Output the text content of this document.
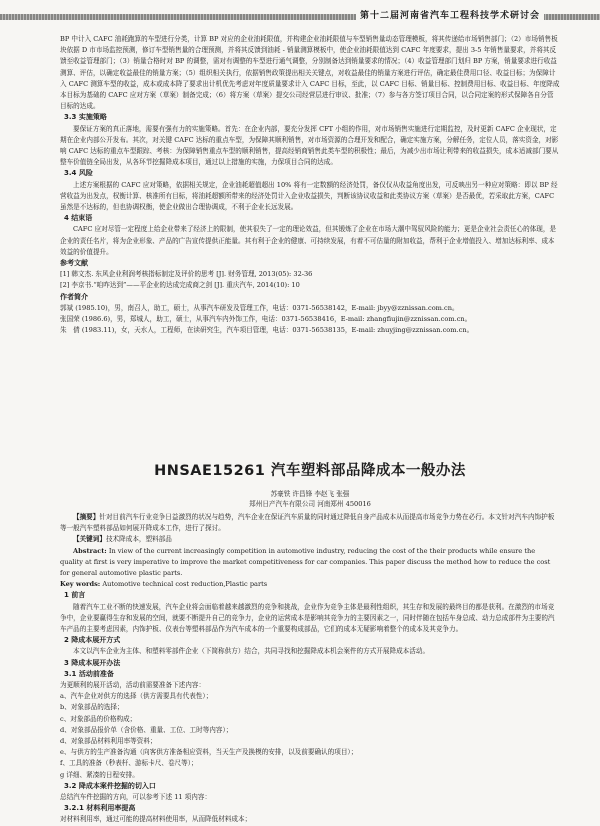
第十二届河南省汽车工程科技学术研讨会

BP 中计入 CAFC 油耗跑算的车型进行分类，计算 BP 对应的企业油耗限值，并构建企业油耗限值与车型销售量动态管理模板，将其传递给市场销售部门；（2）市场销售板块依据 D 市市场监控预测，修订车型销售量的合理预测，并将其反馈到油耗 - 销量测算模板中，使企业油耗限值达到 CAFC 年度要求，提出 3-5 年销售量要求，并将其反馈至收益管理部门；（3）销量合格时对 BP 的调整，需对有调整的车型进行通气调整，分别制备达到销量要求的情况；（4）收益管理部门划归 BP 方案，销量要求进行收益测算、评估，以确定收益最佳的销量方案；（5）组织相关执行，依据销售政策提出相关关键点，对收益最佳的销量方案进行评估，确定最佳费用口径、收益目标；为保障计入 CAFC 测算车型的收益，成本或成本降了要求出计机优先考虑对年度质量要求计入 CAFC 目标，至此，以 CAFC 目标、销量目标、控制费用目标、收益目标、年度降成本目标为基础的 CAFC 应对方案（草案）制备完成；（6）将方案（草案）提交公司经营层进行审议、批准；（7）参与各方签订项目合同，以合同定案的形式保障各自分管目标的达成。

3.3 实施策略

要保证方案的真正落地，需要有强有力的实施策略。首先：在企业内部，要充分发挥 CFT 小组的作用，对市场销售实施进行定期监控，及时更新 CAFC 企业现状，定期在企业内部公开发布。其次，对关键 CAFC 达标的重点车型，为保障其顺利销售，对市场资源的合理开发和配合，确定实施方案，分解任务，定位人员，落实资金，对影响 CAFC 达标的重点车型跟踪、考核：为保障销售重点车型的顺利销售，提高经销商销售此类车型的积极性；最后，为减少出市场让利带来的收益损失，成本适减部门要从整车价值链全局出发，从各环节挖掘降成本项目，通过以上措施的实施，力保项目合同的达成。

3.4 风险

上述方案根据的 CAFC 应对策略，依据相关规定，企业油耗超值超出 10% 将有一定数额的经济处罚，备仅仅从收益角度出发，可反映出另一种应对策略：即以 BP 经营收益为出发点，权衡计算、核准所有目标，将油耗超额所带来的经济处罚计入企业收益损失，判断该协议收益和此类协议方案（草案）是否最优，若采取此方案，CAFC 虽然是不达标的，但也协调权衡，使企业做出合理协调成，不利于企业长远发展。

4 结束语

CAFC 应对尽管一定程度上给企业带来了经济上的限制，使其很失了一定的理论效益，但其锻炼了企业在市场大潮中驾驭风险的能力；更是企业社会责任心的体现，是企业的责任名片，将为企业形象、产品的广告宣传提供正能量。其有利于企业的健康、可持续发展，有着不可估量的附加收益，帮利于企业增值投入、增加达标利率、成本效益的价值提升。

参考文献

[1] 韩文杰. 东风企业利润考核指标制定及评价的思考 [J]. 财务管理, 2013(05): 32-36

[2] 李京书.“咱咋达到”——平企业的达成完成商之剑 [J]. 重庆汽车, 2014(10): 10

作者简介

郭斌 (1985.10)，男，南召人，助工，硕士，从事汽车研发及管理工作，电话：0371-56538142，E-mail: jbyy@zznissan.com.cn。

张国荣 (1986.6)，男，郑城人，助工，硕士，从事汽车内外饰工作，电话：0371-56538416，E-mail: zhangfiujin@zznissan.com.cn。

朱　倩 (1983.11)，女，天水人，工程师，在读研究生，汽车项目管理，电话：0371-56538135，E-mail: zhuyjing@zznissan.com.cn。

HNSAE15261 汽车塑料部品降成本一般办法
苏豪铁 许昌锋 李赵飞 张强
郑州日产汽车有限公司 河南郑州 450016

【摘要】针对目前汽车行业竞争日益激烈的状况与趋势，汽车企业在保证汽车质量的同时通过降低自身产品成本从而提高市场竞争力势在必行。本文针对汽车内饰护板等一般汽车塑料部品如何展开降成本工作，进行了探讨。

【关键词】技术降成本，塑料部品

Abstract: In view of the current increasingly competition in automotive industry, reducing the cost of the their products while ensure the quality at first is very imperative to improve the market competitiveness for car companies. This paper discuss the method how to reduce the cost for general automotive plastic parts.

Key words: Automotive technical cost reduction,Plastic parts

1 前言

随着汽车工业不断的快速发展，汽车企业将会面临着越来越激烈的竞争和挑战，企业作为竞争主体是最利性组织，其生存和发展的最终目的都是获利。在激烈的市场竞争中，企业要赢得生存和发展的空间，就要不断提升自己的竞争力，企业的运营成本是影响其竞争力的主要因素之一，同时伴随在包括车身总成、动力总成部件为主要的汽车产品的主要考虑因素，内饰护板、仪表台等塑料部品作为汽车成本的一个重要构成部品，它们的成本无疑影响着整个的成本及其竞争力。

2 降成本展开方式

本文以汽车企业为主体、和塑料零部件企业（下简称供方）结合，共同寻找和挖掘降成本机会案件的方式开展降成本活动。

3 降成本展开办法

3.1 活动前准备

为更顺利的展开活动，活动前需要准备下述内容：

a、汽车企业对供方的选择（供方需要具有代表性）；

b、对象部品的选择；

c、对象部品的价格构成；

d、对象部品报价单（含价格、重量、工位、工时等内容）；

d、对象部品材料利用率等资料；

e、与供方的生产准备沟通（向客供方准备相应资料，当天生产及换模的安排，以及前要确认的项目）；

f、工具的准备（秒表杆、游标卡尺、卷尺等）；

g 详细、紧凑的日程安排。

3.2 降成本案件挖掘的切入口

总结汽车件挖掘的方向，可以参考下述 11 项内容：

3.2.1 材料利用率提高

对材料利用率，通过可能的提高材料使用率，从而降低材料成本；
